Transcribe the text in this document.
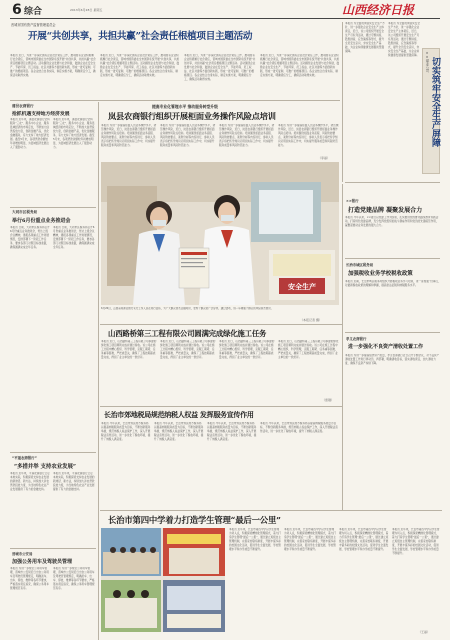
6 综合	2013年6月28日 星期五	山西经济日报
晋城市国有资产监督管理委员会
开展“共创共享，共担共赢”社会责任根植项目主题活动
本报讯 近日，为进一步深化国有企业社会责任工作，推动国有企业积极履行社会责任，晋城市国资委在全市国资系统开展“共创共享，共担共赢”社会责任根植项目主题活动。活动围绕企业发展与社会和谐，鼓励企业在安全生产、节能环保、员工权益、社区共建等方面创新实践，形成一批可复制、可推广的根植项目。各企业结合自身实际，制定实施方案，明确责任分工，确保活动取得实效。
本报讯 近日，为进一步深化国有企业社会责任工作，推动国有企业积极履行社会责任，晋城市国资委在全市国资系统开展“共创共享，共担共赢”社会责任根植项目主题活动。活动围绕企业发展与社会和谐，鼓励企业在安全生产、节能环保、员工权益、社区共建等方面创新实践，形成一批可复制、可推广的根植项目。各企业结合自身实际，制定实施方案，明确责任分工，确保活动取得实效。
本报讯 近日，为进一步深化国有企业社会责任工作，推动国有企业积极履行社会责任，晋城市国资委在全市国资系统开展“共创共享，共担共赢”社会责任根植项目主题活动。活动围绕企业发展与社会和谐，鼓励企业在安全生产、节能环保、员工权益、社区共建等方面创新实践，形成一批可复制、可推广的根植项目。各企业结合自身实际，制定实施方案，明确责任分工，确保活动取得实效。
本报讯 近日，为进一步深化国有企业社会责任工作，推动国有企业积极履行社会责任，晋城市国资委在全市国资系统开展“共创共享，共担共赢”社会责任根植项目主题活动。活动围绕企业发展与社会和谐，鼓励企业在安全生产、节能环保、员工权益、社区共建等方面创新实践，形成一批可复制、可推广的根植项目。各企业结合自身实际，制定实施方案，明确责任分工，确保活动取得实效。
本报讯 为全面贯彻落实安全生产方针，进一步强化企业安全生产主体责任，近日，该公司组织开展安全生产月系列活动，通过专题讲座、隐患排查、应急演练等形式，提升全员安全意识，夯实安全生产基础，为企业持续健康发展提供坚强保障。
本报讯 为全面贯彻落实安全生产方针，进一步强化企业安全生产主体责任，近日，该公司组织开展安全生产月系列活动，通过专题讲座、隐患排查、应急演练等形式，提升全员安全意识，夯实安全生产基础，为企业持续健康发展提供坚强保障。 ××煤业公司 切实筑牢安全生产屏障
蒲县农商银行
抢抓机遇支持地方经济发展
本报讯 近年来，蒲县农商银行坚持服务“三农”、服务中小企业、服务县域经济的市场定位，不断加大信贷投放力度，创新金融产品，优化金融服务，有力支持了地方经济发展。截至5月末，各项贷款余额较年初增加明显，为县域经济发展注入了强劲动力。
本报讯 近年来，蒲县农商银行坚持服务“三农”、服务中小企业、服务县域经济的市场定位，不断加大信贷投放力度，创新金融产品，优化金融服务，有力支持了地方经济发展。截至5月末，各项贷款余额较年初增加明显，为县域经济发展注入了强劲动力。
大同市区税务局
举行6月份重点业务推进会
本报讯 日前，大同市区税务局召开6月份重点业务推进会，传达上级会议精神，通报各项重点工作进展情况，安排部署下一阶段工作任务，要求各部门对照目标找差距，确保圆满完成全年任务。
本报讯 日前，大同市区税务局召开6月份重点业务推进会，传达上级会议精神，通报各项重点工作进展情况，安排部署下一阶段工作任务，要求各部门对照目标找差距，确保圆满完成全年任务。
“平遥农商银行”
“多措并举 支持农业发展”
本报讯 近年来，平遥农商银行立足本地实际，积极探索支持农业发展的新途径、新方法，持续加大涉农贷款投放力度，为当地特色农业产业发展提供了有力的金融支持。
本报讯 近年来，平遥农商银行立足本地实际，积极探索支持农业发展的新途径、新方法，持续加大涉农贷款投放力度，为当地特色农业产业发展提供了有力的金融支持。
晋城市公安局
加强公务用车及驾驶员管理
本报讯 为进一步规范公务用车管理，晋城市公安局近日出台公务用车及驾驶员管理规定，明确派车、出车、停放、维修等各环节要求，严格落实责任追究，确保公务用车管理规范有序。
本报讯 为进一步规范公务用车管理，晋城市公安局近日出台公务用车及驾驶员管理规定，明确派车、出车、停放、维修等各环节要求，严格落实责任追究，确保公务用车管理规范有序。
提高专业化管理水平 推动服务转型升级
岚县农商银行组织开展柜面业务操作风险点培训
本报讯 为进一步提高柜面人员业务操作水平，防范操作风险，近日，岚县农商银行组织开展柜面业务操作风险点培训。培训围绕柜面业务流程、风险防控要点、案例分析等内容进行，参训人员表示将把所学知识运用到实际工作中，切实提升服务质量和风险防范能力。
本报讯 为进一步提高柜面人员业务操作水平，防范操作风险，近日，岚县农商银行组织开展柜面业务操作风险点培训。培训围绕柜面业务流程、风险防控要点、案例分析等内容进行，参训人员表示将把所学知识运用到实际工作中，切实提升服务质量和风险防范能力。
本报讯 为进一步提高柜面人员业务操作水平，防范操作风险，近日，岚县农商银行组织开展柜面业务操作风险点培训。培训围绕柜面业务流程、风险防控要点、案例分析等内容进行，参训人员表示将把所学知识运用到实际工作中，切实提升服务质量和风险防范能力。
本报讯 为进一步提高柜面人员业务操作水平，防范操作风险，近日，岚县农商银行组织开展柜面业务操作风险点培训。培训围绕柜面业务流程、风险防控要点、案例分析等内容进行，参训人员表示将把所学知识运用到实际工作中，切实提升服务质量和风险防范能力。
（李丽）
安全生产
6月26日，山西省某商业银行支行工作人员在进行宣传，为广大群众普及金融知识，受到了群众的广泛好评。通过活动，进一步增强了群众的风险防范意识。
（本报记者 摄）
山西路桥第三工程有限公司圆满完成绿化施工任务
本报讯 近日，山西路桥第三工程有限公司承建的绿化施工项目顺利完成并通过验收。该公司在施工过程中精心组织、科学管理，克服工期紧、任务重等困难，严把质量关，确保了工程按期高质量完成，得到了业主单位的一致好评。
本报讯 近日，山西路桥第三工程有限公司承建的绿化施工项目顺利完成并通过验收。该公司在施工过程中精心组织、科学管理，克服工期紧、任务重等困难，严把质量关，确保了工程按期高质量完成，得到了业主单位的一致好评。
本报讯 近日，山西路桥第三工程有限公司承建的绿化施工项目顺利完成并通过验收。该公司在施工过程中精心组织、科学管理，克服工期紧、任务重等困难，严把质量关，确保了工程按期高质量完成，得到了业主单位的一致好评。
本报讯 近日，山西路桥第三工程有限公司承建的绿化施工项目顺利完成并通过验收。该公司在施工过程中精心组织、科学管理，克服工期紧、任务重等困难，严把质量关，确保了工程按期高质量完成，得到了业主单位的一致好评。
（雷刚）
长治市郊地税局规范纳税人权益 发挥服务宣传作用
本报讯 今年以来，长治市郊区地方税务局以提高纳税服务质量为目标，不断创新服务举措，规范纳税人权益保护工作，深入开展税法宣传活动，进一步优化了税收环境，提升了纳税人满意度。
本报讯 今年以来，长治市郊区地方税务局以提高纳税服务质量为目标，不断创新服务举措，规范纳税人权益保护工作，深入开展税法宣传活动，进一步优化了税收环境，提升了纳税人满意度。
本报讯 今年以来，长治市郊区地方税务局以提高纳税服务质量为目标，不断创新服务举措，规范纳税人权益保护工作，深入开展税法宣传活动，进一步优化了税收环境，提升了纳税人满意度。
本报讯 今年以来，长治市郊区地方税务局以提高纳税服务质量为目标，不断创新服务举措，规范纳税人权益保护工作，深入开展税法宣传活动，进一步优化了税收环境，提升了纳税人满意度。
××银行
打造党建品牌 凝聚发展合力
本报讯 今年以来，××银行以党建工作为统领，扎实推进党的群众路线教育实践活动，打造特色党建品牌，充分发挥党组织的战斗堡垒作用和党员的先锋模范作用，凝聚起推动业务发展的强大合力。
长治市城区税务局
加强税收业务学校税收政策
本报讯 近期，长治市城区税务局组织开展税收业务学习培训，进一步加强干部职工对最新税收政策的理解和掌握，提高依法征税和纳税服务水平。
孝义农商银行
进一步强化不良资产清收处置工作
本报讯 为进一步提高信贷资产质量，孝义农商银行近日召开专题会议，对不良资产清收处置工作进行再动员、再部署，明确清收目标，落实清收责任，加大清收力度，确保不良资产持续下降。
长治市第四中学着力打造学生管理“最后一公里”
本报讯 近年来，长治市第四中学以学生管理为切入点，积极探索精细化管理模式，着力打造学生管理“最后一公里”，通过建立班级自主管理机制，完善家校联系制度，开展丰富多彩的校园文化活动，促进学生全面发展，学校管理水平和办学质量不断提升。
本报讯 近年来，长治市第四中学以学生管理为切入点，积极探索精细化管理模式，着力打造学生管理“最后一公里”，通过建立班级自主管理机制，完善家校联系制度，开展丰富多彩的校园文化活动，促进学生全面发展，学校管理水平和办学质量不断提升。
本报讯 近年来，长治市第四中学以学生管理为切入点，积极探索精细化管理模式，着力打造学生管理“最后一公里”，通过建立班级自主管理机制，完善家校联系制度，开展丰富多彩的校园文化活动，促进学生全面发展，学校管理水平和办学质量不断提升。
本报讯 近年来，长治市第四中学以学生管理为切入点，积极探索精细化管理模式，着力打造学生管理“最后一公里”，通过建立班级自主管理机制，完善家校联系制度，开展丰富多彩的校园文化活动，促进学生全面发展，学校管理水平和办学质量不断提升。
（王丽）
